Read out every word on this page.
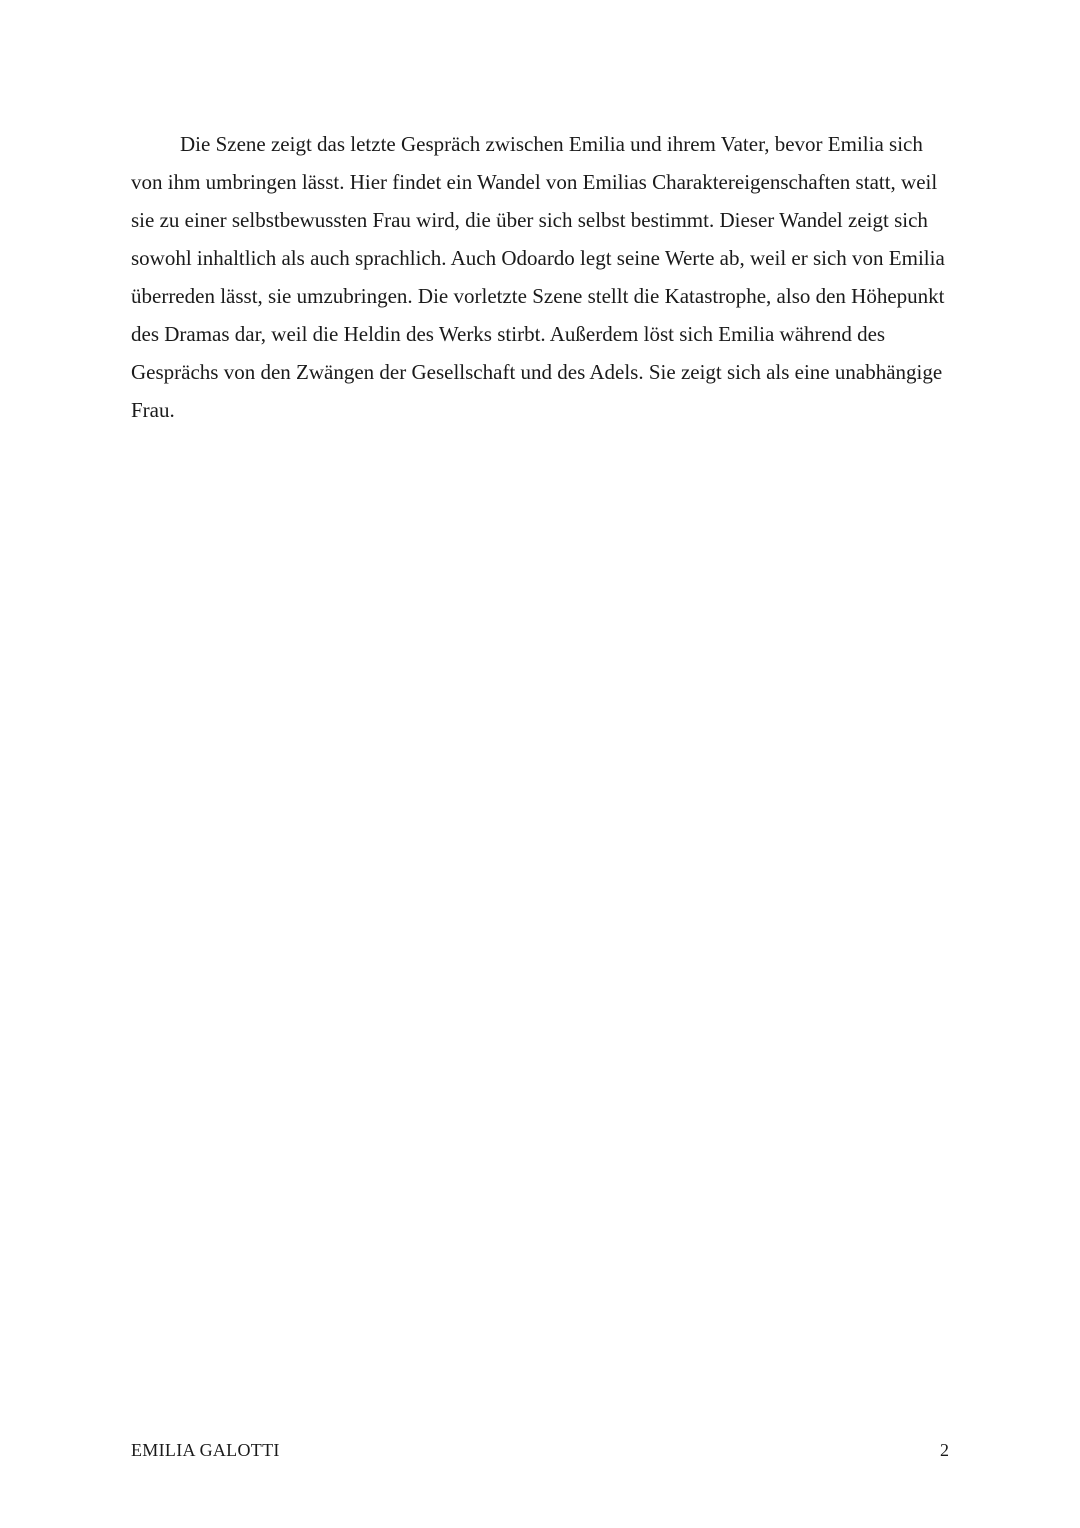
Die Szene zeigt das letzte Gespräch zwischen Emilia und ihrem Vater, bevor Emilia sich von ihm umbringen lässt. Hier findet ein Wandel von Emilias Charaktereigenschaften statt, weil sie zu einer selbstbewussten Frau wird, die über sich selbst bestimmt. Dieser Wandel zeigt sich sowohl inhaltlich als auch sprachlich. Auch Odoardo legt seine Werte ab, weil er sich von Emilia überreden lässt, sie umzubringen. Die vorletzte Szene stellt die Katastrophe, also den Höhepunkt des Dramas dar, weil die Heldin des Werks stirbt. Außerdem löst sich Emilia während des Gesprächs von den Zwängen der Gesellschaft und des Adels. Sie zeigt sich als eine unabhängige Frau.

EMILIA GALOTTI	2
